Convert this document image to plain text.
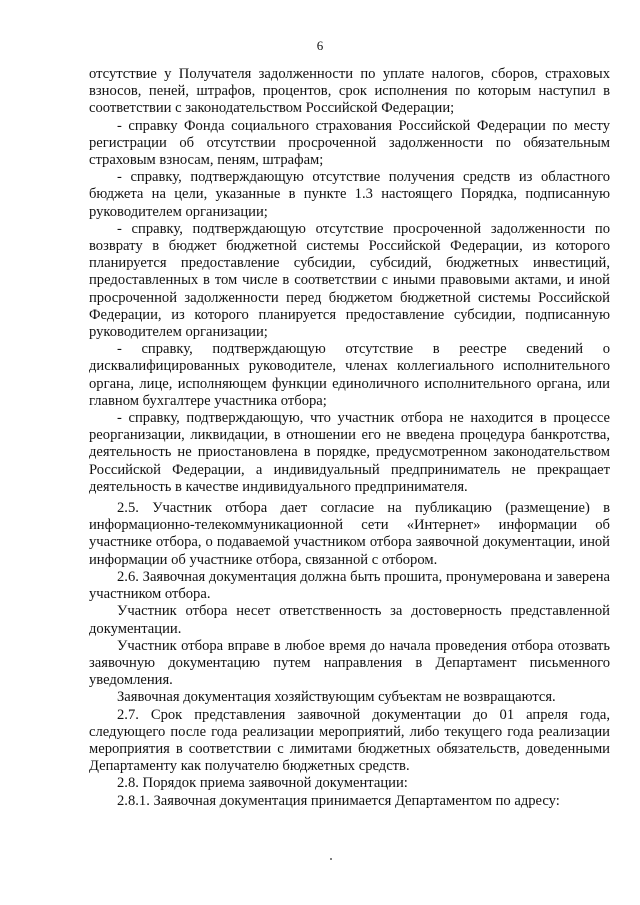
6

отсутствие у Получателя задолженности по уплате налогов, сборов, страховых взносов, пеней, штрафов, процентов, срок исполнения по которым наступил в соответствии с законодательством Российской Федерации;

- справку Фонда социального страхования Российской Федерации по месту регистрации об отсутствии просроченной задолженности по обязательным страховым взносам, пеням, штрафам;

- справку, подтверждающую отсутствие получения средств из областного бюджета на цели, указанные в пункте 1.3 настоящего Порядка, подписанную руководителем организации;

- справку, подтверждающую отсутствие просроченной задолженности по возврату в бюджет бюджетной системы Российской Федерации, из которого планируется предоставление субсидии, субсидий, бюджетных инвестиций, предоставленных в том числе в соответствии с иными правовыми актами, и иной просроченной задолженности перед бюджетом бюджетной системы Российской Федерации, из которого планируется предоставление субсидии, подписанную руководителем организации;

- справку, подтверждающую отсутствие в реестре сведений о дисквалифицированных руководителе, членах коллегиального исполнительного органа, лице, исполняющем функции единоличного исполнительного органа, или главном бухгалтере участника отбора;

- справку, подтверждающую, что участник отбора не находится в процессе реорганизации, ликвидации, в отношении его не введена процедура банкротства, деятельность не приостановлена в порядке, предусмотренном законодательством Российской Федерации, а индивидуальный предприниматель не прекращает деятельность в качестве индивидуального предпринимателя.

2.5. Участник отбора дает согласие на публикацию (размещение) в информационно-телекоммуникационной сети «Интернет» информации об участнике отбора, о подаваемой участником отбора заявочной документации, иной информации об участнике отбора, связанной с отбором.

2.6. Заявочная документация должна быть прошита, пронумерована и заверена участником отбора.

Участник отбора несет ответственность за достоверность представленной документации.

Участник отбора вправе в любое время до начала проведения отбора отозвать заявочную документацию путем направления в Департамент письменного уведомления.

Заявочная документация хозяйствующим субъектам не возвращаются.

2.7. Срок представления заявочной документации до 01 апреля года, следующего после года реализации мероприятий, либо текущего года реализации мероприятия в соответствии с лимитами бюджетных обязательств, доведенными Департаменту как получателю бюджетных средств.

2.8. Порядок приема заявочной документации:

2.8.1. Заявочная документация принимается Департаментом по адресу:
